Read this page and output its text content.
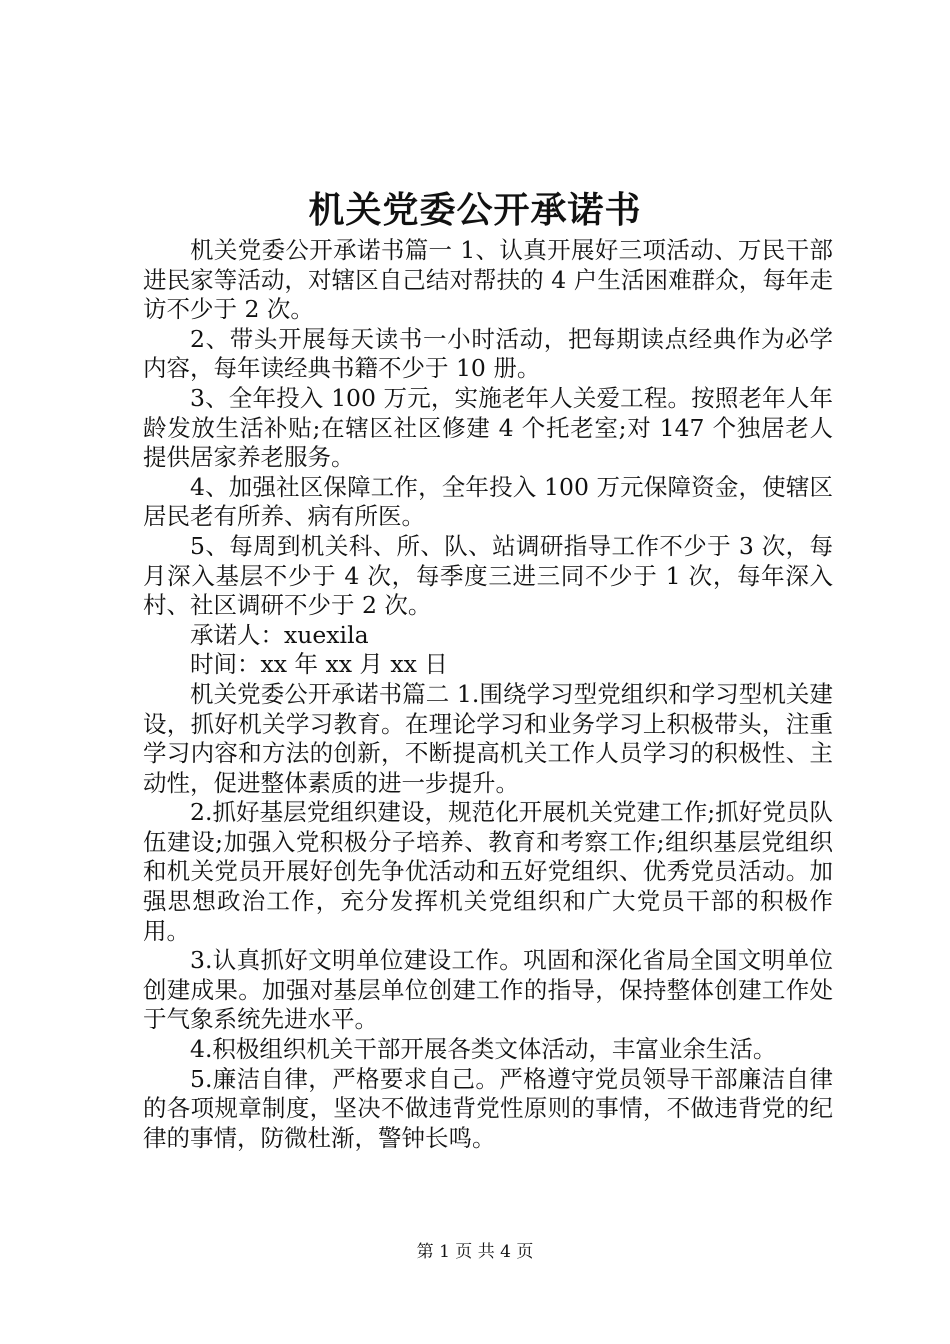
机关党委公开承诺书

机关党委公开承诺书篇一 1、认真开展好三项活动、万民干部进民家等活动，对辖区自己结对帮扶的 4 户生活困难群众，每年走访不少于 2 次。

2、带头开展每天读书一小时活动，把每期读点经典作为必学内容，每年读经典书籍不少于 10 册。

3、全年投入 100 万元，实施老年人关爱工程。按照老年人年龄发放生活补贴;在辖区社区修建 4 个托老室;对 147 个独居老人提供居家养老服务。

4、加强社区保障工作，全年投入 100 万元保障资金，使辖区居民老有所养、病有所医。

5、每周到机关科、所、队、站调研指导工作不少于 3 次，每月深入基层不少于 4 次，每季度三进三同不少于 1 次，每年深入村、社区调研不少于 2 次。

承诺人：xuexila

时间：xx 年 xx 月 xx 日

机关党委公开承诺书篇二 1.围绕学习型党组织和学习型机关建设，抓好机关学习教育。在理论学习和业务学习上积极带头，注重学习内容和方法的创新，不断提高机关工作人员学习的积极性、主动性，促进整体素质的进一步提升。

2.抓好基层党组织建设，规范化开展机关党建工作;抓好党员队伍建设;加强入党积极分子培养、教育和考察工作;组织基层党组织和机关党员开展好创先争优活动和五好党组织、优秀党员活动。加强思想政治工作，充分发挥机关党组织和广大党员干部的积极作用。

3.认真抓好文明单位建设工作。巩固和深化省局全国文明单位创建成果。加强对基层单位创建工作的指导，保持整体创建工作处于气象系统先进水平。

4.积极组织机关干部开展各类文体活动，丰富业余生活。

5.廉洁自律，严格要求自己。严格遵守党员领导干部廉洁自律的各项规章制度，坚决不做违背党性原则的事情，不做违背党的纪律的事情，防微杜渐，警钟长鸣。

第 1 页 共 4 页
